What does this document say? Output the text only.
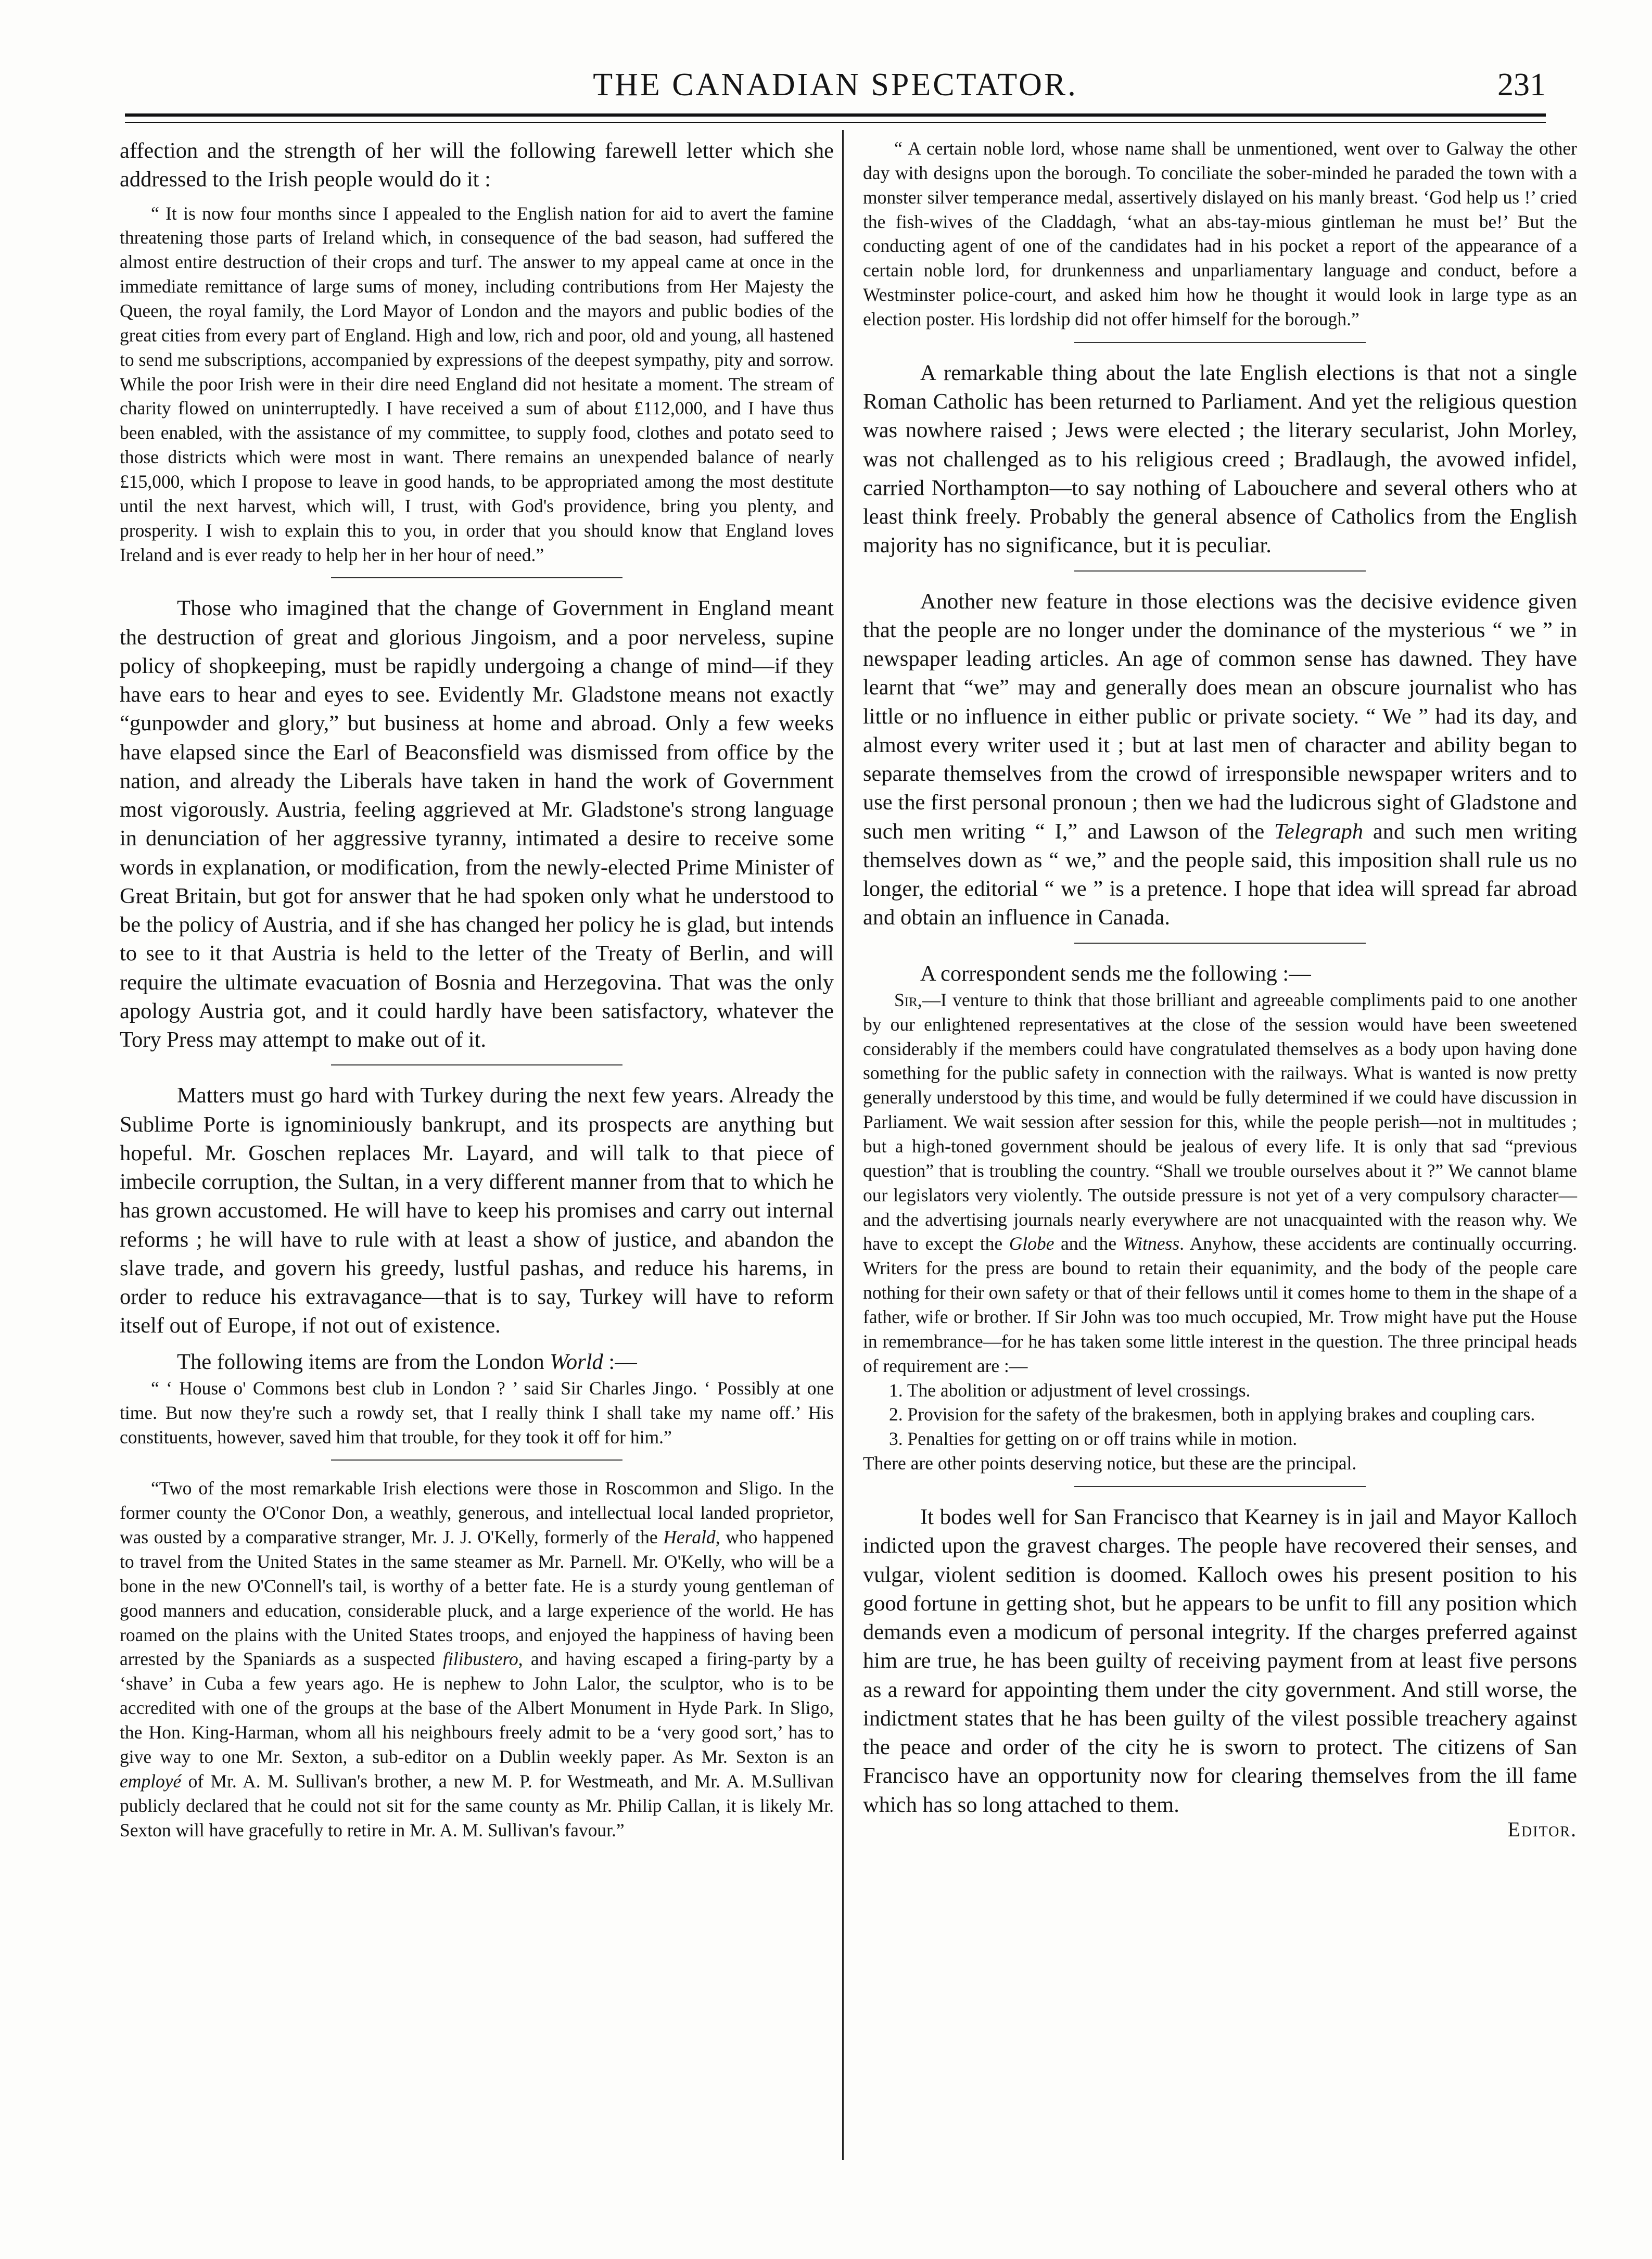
THE CANADIAN SPECTATOR.	231

affection and the strength of her will the following farewell letter which she addressed to the Irish people would do it :

“ It is now four months since I appealed to the English nation for aid to avert the famine threatening those parts of Ireland which, in consequence of the bad season, had suffered the almost entire destruction of their crops and turf. The answer to my appeal came at once in the immediate remittance of large sums of money, including contributions from Her Majesty the Queen, the royal family, the Lord Mayor of London and the mayors and public bodies of the great cities from every part of England. High and low, rich and poor, old and young, all hastened to send me subscriptions, accompanied by expressions of the deepest sympathy, pity and sorrow. While the poor Irish were in their dire need England did not hesitate a moment. The stream of charity flowed on uninterruptedly. I have received a sum of about £112,000, and I have thus been enabled, with the assistance of my committee, to supply food, clothes and potato seed to those districts which were most in want. There remains an unexpended balance of nearly £15,000, which I propose to leave in good hands, to be appropriated among the most destitute until the next harvest, which will, I trust, with God's providence, bring you plenty, and prosperity. I wish to explain this to you, in order that you should know that England loves Ireland and is ever ready to help her in her hour of need.”

Those who imagined that the change of Government in England meant the destruction of great and glorious Jingoism, and a poor nerveless, supine policy of shopkeeping, must be rapidly undergoing a change of mind—if they have ears to hear and eyes to see. Evidently Mr. Gladstone means not exactly “gunpowder and glory,” but business at home and abroad. Only a few weeks have elapsed since the Earl of Beaconsfield was dismissed from office by the nation, and already the Liberals have taken in hand the work of Government most vigorously. Austria, feeling aggrieved at Mr. Gladstone's strong language in denunciation of her aggressive tyranny, intimated a desire to receive some words in explanation, or modification, from the newly-elected Prime Minister of Great Britain, but got for answer that he had spoken only what he understood to be the policy of Austria, and if she has changed her policy he is glad, but intends to see to it that Austria is held to the letter of the Treaty of Berlin, and will require the ultimate evacuation of Bosnia and Herzegovina. That was the only apology Austria got, and it could hardly have been satisfactory, whatever the Tory Press may attempt to make out of it.

Matters must go hard with Turkey during the next few years. Already the Sublime Porte is ignominiously bankrupt, and its prospects are anything but hopeful. Mr. Goschen replaces Mr. Layard, and will talk to that piece of imbecile corruption, the Sultan, in a very different manner from that to which he has grown accustomed. He will have to keep his promises and carry out internal reforms ; he will have to rule with at least a show of justice, and abandon the slave trade, and govern his greedy, lustful pashas, and reduce his harems, in order to reduce his extravagance—that is to say, Turkey will have to reform itself out of Europe, if not out of existence.

The following items are from the London World :—

“ ‘ House o' Commons best club in London ? ’ said Sir Charles Jingo. ‘ Possibly at one time. But now they're such a rowdy set, that I really think I shall take my name off.’ His constituents, however, saved him that trouble, for they took it off for him.”

“Two of the most remarkable Irish elections were those in Roscommon and Sligo. In the former county the O'Conor Don, a weathly, generous, and intellectual local landed proprietor, was ousted by a comparative stranger, Mr. J. J. O'Kelly, formerly of the Herald, who happened to travel from the United States in the same steamer as Mr. Parnell. Mr. O'Kelly, who will be a bone in the new O'Connell's tail, is worthy of a better fate. He is a sturdy young gentleman of good manners and education, considerable pluck, and a large experience of the world. He has roamed on the plains with the United States troops, and enjoyed the happiness of having been arrested by the Spaniards as a suspected filibustero, and having escaped a firing-party by a ‘shave’ in Cuba a few years ago. He is nephew to John Lalor, the sculptor, who is to be accredited with one of the groups at the base of the Albert Monument in Hyde Park. In Sligo, the Hon. King-Harman, whom all his neighbours freely admit to be a ‘very good sort,’ has to give way to one Mr. Sexton, a sub-editor on a Dublin weekly paper. As Mr. Sexton is an employé of Mr. A. M. Sullivan's brother, a new M. P. for Westmeath, and Mr. A. M.Sullivan publicly declared that he could not sit for the same county as Mr. Philip Callan, it is likely Mr. Sexton will have gracefully to retire in Mr. A. M. Sullivan's favour.”

“ A certain noble lord, whose name shall be unmentioned, went over to Galway the other day with designs upon the borough. To conciliate the sober-minded he paraded the town with a monster silver temperance medal, assertively dislayed on his manly breast. ‘God help us !’ cried the fish-wives of the Claddagh, ‘what an abs-tay-mious gintleman he must be!’ But the conducting agent of one of the candidates had in his pocket a report of the appearance of a certain noble lord, for drunkenness and unparliamentary language and conduct, before a Westminster police-court, and asked him how he thought it would look in large type as an election poster. His lordship did not offer himself for the borough.”

A remarkable thing about the late English elections is that not a single Roman Catholic has been returned to Parliament. And yet the religious question was nowhere raised ; Jews were elected ; the literary secularist, John Morley, was not challenged as to his religious creed ; Bradlaugh, the avowed infidel, carried Northampton—to say nothing of Labouchere and several others who at least think freely. Probably the general absence of Catholics from the English majority has no significance, but it is peculiar.

Another new feature in those elections was the decisive evidence given that the people are no longer under the dominance of the mysterious “ we ” in newspaper leading articles. An age of common sense has dawned. They have learnt that “we” may and generally does mean an obscure journalist who has little or no influence in either public or private society. “ We ” had its day, and almost every writer used it ; but at last men of character and ability began to separate themselves from the crowd of irresponsible newspaper writers and to use the first personal pronoun ; then we had the ludicrous sight of Gladstone and such men writing “ I,” and Lawson of the Telegraph and such men writing themselves down as “ we,” and the people said, this imposition shall rule us no longer, the editorial “ we ” is a pretence. I hope that idea will spread far abroad and obtain an influence in Canada.

A correspondent sends me the following :—

Sir,—I venture to think that those brilliant and agreeable compliments paid to one another by our enlightened representatives at the close of the session would have been sweetened considerably if the members could have congratulated themselves as a body upon having done something for the public safety in connection with the railways. What is wanted is now pretty generally understood by this time, and would be fully determined if we could have discussion in Parliament. We wait session after session for this, while the people perish—not in multitudes ; but a high-toned government should be jealous of every life. It is only that sad “previous question” that is troubling the country. “Shall we trouble ourselves about it ?” We cannot blame our legislators very violently. The outside pressure is not yet of a very compulsory character—and the advertising journals nearly everywhere are not unacquainted with the reason why. We have to except the Globe and the Witness. Anyhow, these accidents are continually occurring. Writers for the press are bound to retain their equanimity, and the body of the people care nothing for their own safety or that of their fellows until it comes home to them in the shape of a father, wife or brother. If Sir John was too much occupied, Mr. Trow might have put the House in remembrance—for he has taken some little interest in the question. The three principal heads of requirement are :—

1. The abolition or adjustment of level crossings.
2. Provision for the safety of the brakesmen, both in applying brakes and coupling cars.
3. Penalties for getting on or off trains while in motion.

There are other points deserving notice, but these are the principal.

It bodes well for San Francisco that Kearney is in jail and Mayor Kalloch indicted upon the gravest charges. The people have recovered their senses, and vulgar, violent sedition is doomed. Kalloch owes his present position to his good fortune in getting shot, but he appears to be unfit to fill any position which demands even a modicum of personal integrity. If the charges preferred against him are true, he has been guilty of receiving payment from at least five persons as a reward for appointing them under the city government. And still worse, the indictment states that he has been guilty of the vilest possible treachery against the peace and order of the city he is sworn to protect. The citizens of San Francisco have an opportunity now for clearing themselves from the ill fame which has so long attached to them.

Editor.
